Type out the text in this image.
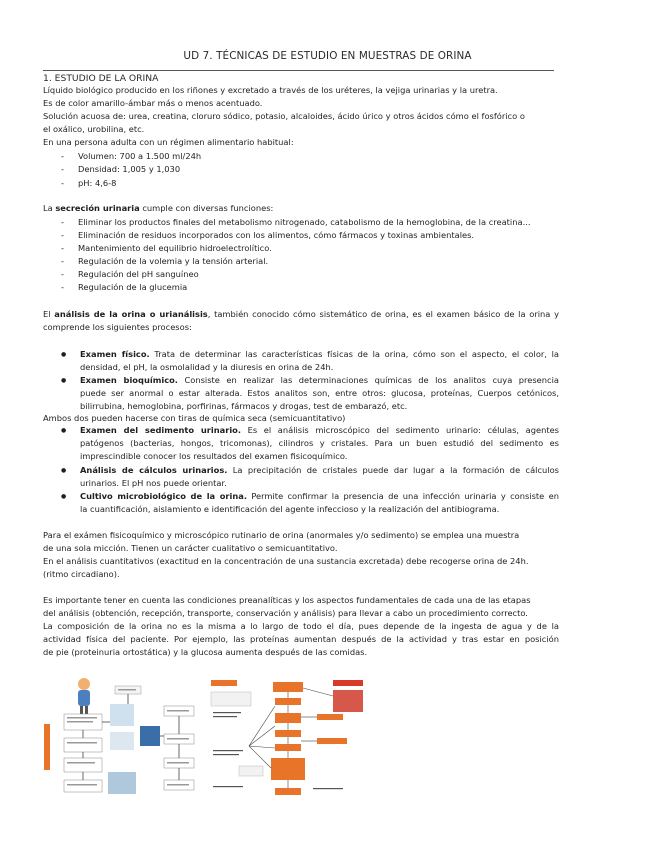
UD 7. TÉCNICAS DE ESTUDIO EN MUESTRAS DE ORINA
1. ESTUDIO DE LA ORINA
Líquido biológico producido en los riñones y excretado a través de los uréteres, la vejiga urinarias y la uretra.
Es de color amarillo-ámbar más o menos acentuado.
Solución acuosa de: urea, creatina, cloruro sódico, potasio, alcaloides, ácido úrico y otros ácidos cómo el fosfórico o
el oxálico, urobilina, etc.
En una persona adulta con un régimen alimentario habitual:
- Volumen: 700 a 1.500 ml/24h
- Densidad: 1,005 y 1,030
- pH: 4,6-8
La secreción urinaria cumple con diversas funciones:
- Eliminar los productos finales del metabolismo nitrogenado, catabolismo de la hemoglobina, de la creatina...
- Eliminación de residuos incorporados con los alimentos, cómo fármacos y toxinas ambientales.
- Mantenimiento del equilibrio hidroelectrolítico.
- Regulación de la volemia y la tensión arterial.
- Regulación del pH sanguíneo
- Regulación de la glucemia
El análisis de la orina o urianálisis, también conocido cómo sistemático de orina, es el examen básico de la orina y
comprende los siguientes procesos:
● Examen físico. Trata de determinar las características físicas de la orina, cómo son el aspecto, el color, la
densidad, el pH, la osmolalidad y la diuresis en orina de 24h.
● Examen bioquímico. Consiste en realizar las determinaciones químicas de los analitos cuya presencia
puede ser anormal o estar alterada. Estos analitos son, entre otros: glucosa, proteínas, Cuerpos cetónicos,
bilirrubina, hemoglobina, porfirinas, fármacos y drogas, test de embarazó, etc.
Ambos dos pueden hacerse con tiras de química seca (semicuantitativo)
● Examen del sedimento urinario. Es el análisis microscópico del sedimento urinario: células, agentes
patógenos (bacterias, hongos, tricomonas), cilindros y cristales. Para un buen estudió del sedimento es
imprescindible conocer los resultados del examen fisicoquímico.
● Análisis de cálculos urinarios. La precipitación de cristales puede dar lugar a la formación de cálculos
urinarios. El pH nos puede orientar.
● Cultivo microbiológico de la orina. Permite confirmar la presencia de una infección urinaria y consiste en
la cuantificación, aislamiento e identificación del agente infeccioso y la realización del antibiograma.
Para el exámen fisicoquímico y microscópico rutinario de orina (anormales y/o sedimento) se emplea una muestra
de una sola micción. Tienen un carácter cualitativo o semicuantitativo.
En el análisis cuantitativos (exactitud en la concentración de una sustancia excretada) debe recogerse orina de 24h.
(ritmo circadiano).
Es importante tener en cuenta las condiciones preanalíticas y los aspectos fundamentales de cada una de las etapas
del análisis (obtención, recepción, transporte, conservación y análisis) para llevar a cabo un procedimiento correcto.
La composición de la orina no es la misma a lo largo de todo el día, pues depende de la ingesta de agua y de la
actividad física del paciente. Por ejemplo, las proteínas aumentan después de la actividad y tras estar en posición
de pie (proteinuria ortostática) y la glucosa aumenta después de las comidas.
